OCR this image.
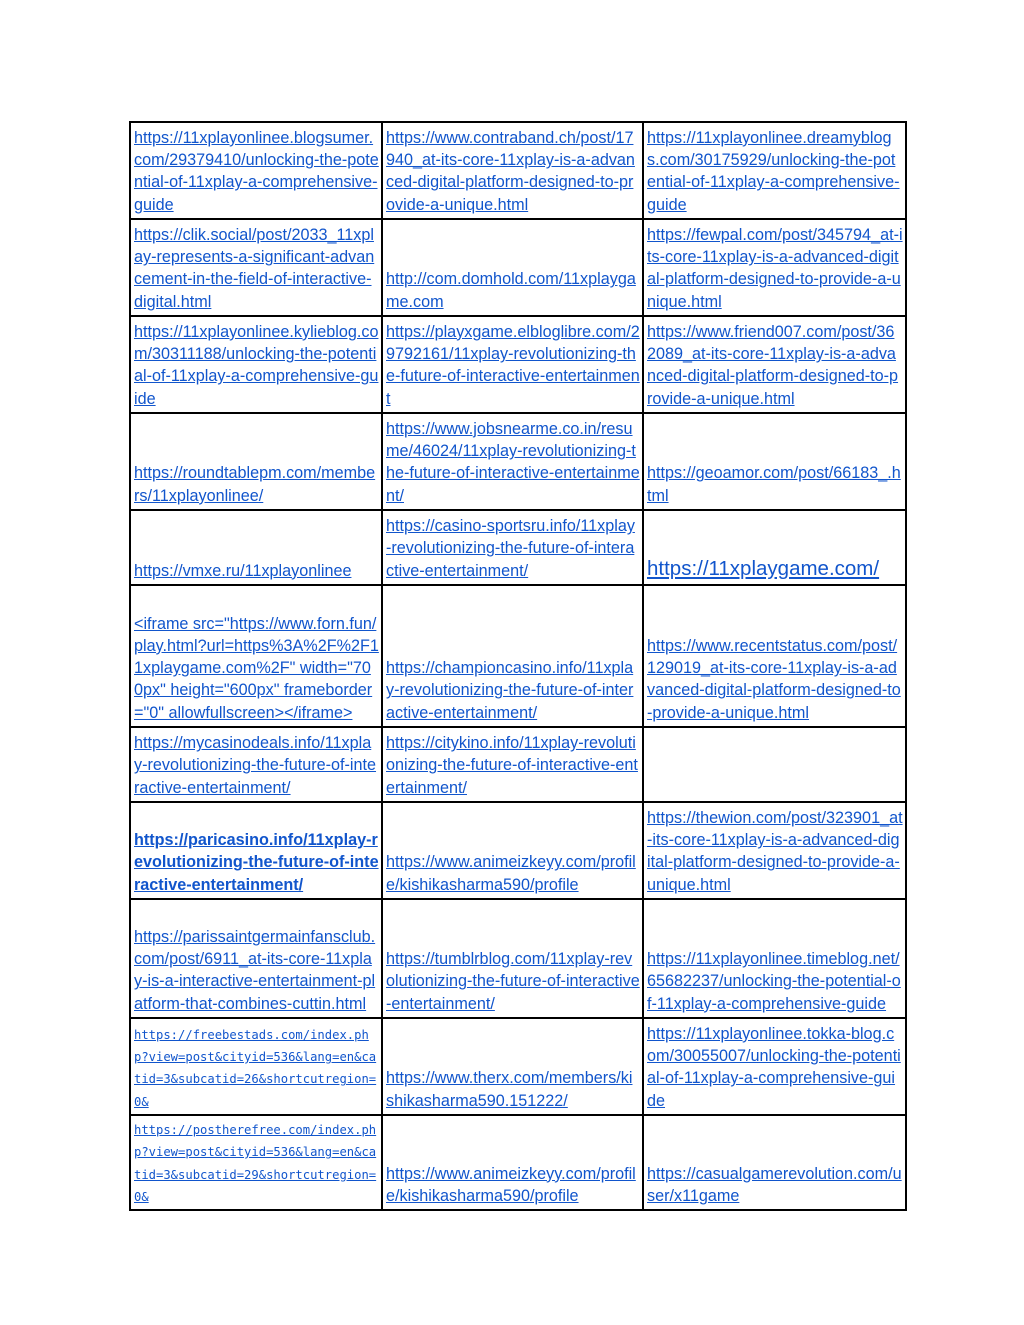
https://11xplayonlinee.blogsumer.com/29379410/unlocking-the-potential-of-11xplay-a-comprehensive-guide	https://www.contraband.ch/post/17940_at-its-core-11xplay-is-a-advanced-digital-platform-designed-to-provide-a-unique.html	https://11xplayonlinee.dreamyblogs.com/30175929/unlocking-the-potential-of-11xplay-a-comprehensive-guide
https://clik.social/post/2033_11xplay-represents-a-significant-advancement-in-the-field-of-interactive-digital.html	http://com.domhold.com/11xplaygame.com	https://fewpal.com/post/345794_at-its-core-11xplay-is-a-advanced-digital-platform-designed-to-provide-a-unique.html
https://11xplayonlinee.kylieblog.com/30311188/unlocking-the-potential-of-11xplay-a-comprehensive-guide	https://playxgame.elbloglibre.com/29792161/11xplay-revolutionizing-the-future-of-interactive-entertainment	https://www.friend007.com/post/362089_at-its-core-11xplay-is-a-advanced-digital-platform-designed-to-provide-a-unique.html
https://roundtablepm.com/members/11xplayonlinee/	https://www.jobsnearme.co.in/resume/46024/11xplay-revolutionizing-the-future-of-interactive-entertainment/	https://geoamor.com/post/66183_.html
https://vmxe.ru/11xplayonlinee	https://casino-sportsru.info/11xplay-revolutionizing-the-future-of-interactive-entertainment/	https://11xplaygame.com/
<iframe src="https://www.forn.fun/play.html?url=https%3A%2F%2F11xplaygame.com%2F" width="700px" height="600px" frameborder="0" allowfullscreen></iframe>	https://championcasino.info/11xplay-revolutionizing-the-future-of-interactive-entertainment/	https://www.recentstatus.com/post/129019_at-its-core-11xplay-is-a-advanced-digital-platform-designed-to-provide-a-unique.html
https://mycasinodeals.info/11xplay-revolutionizing-the-future-of-interactive-entertainment/	https://citykino.info/11xplay-revolutionizing-the-future-of-interactive-entertainment/	
https://paricasino.info/11xplay-revolutionizing-the-future-of-interactive-entertainment/	https://www.animeizkeyy.com/profile/kishikasharma590/profile	https://thewion.com/post/323901_at-its-core-11xplay-is-a-advanced-digital-platform-designed-to-provide-a-unique.html
https://parissaintgermainfansclub.com/post/6911_at-its-core-11xplay-is-a-interactive-entertainment-platform-that-combines-cuttin.html	https://tumblrblog.com/11xplay-revolutionizing-the-future-of-interactive-entertainment/	https://11xplayonlinee.timeblog.net/65682237/unlocking-the-potential-of-11xplay-a-comprehensive-guide
https://freebestads.com/index.php?view=post&cityid=536&lang=en&catid=3&subcatid=26&shortcutregion=0&	https://www.therx.com/members/kishikasharma590.151222/	https://11xplayonlinee.tokka-blog.com/30055007/unlocking-the-potential-of-11xplay-a-comprehensive-guide
https://postherefree.com/index.php?view=post&cityid=536&lang=en&catid=3&subcatid=29&shortcutregion=0&	https://www.animeizkeyy.com/profile/kishikasharma590/profile	https://casualgamerevolution.com/user/x11game
